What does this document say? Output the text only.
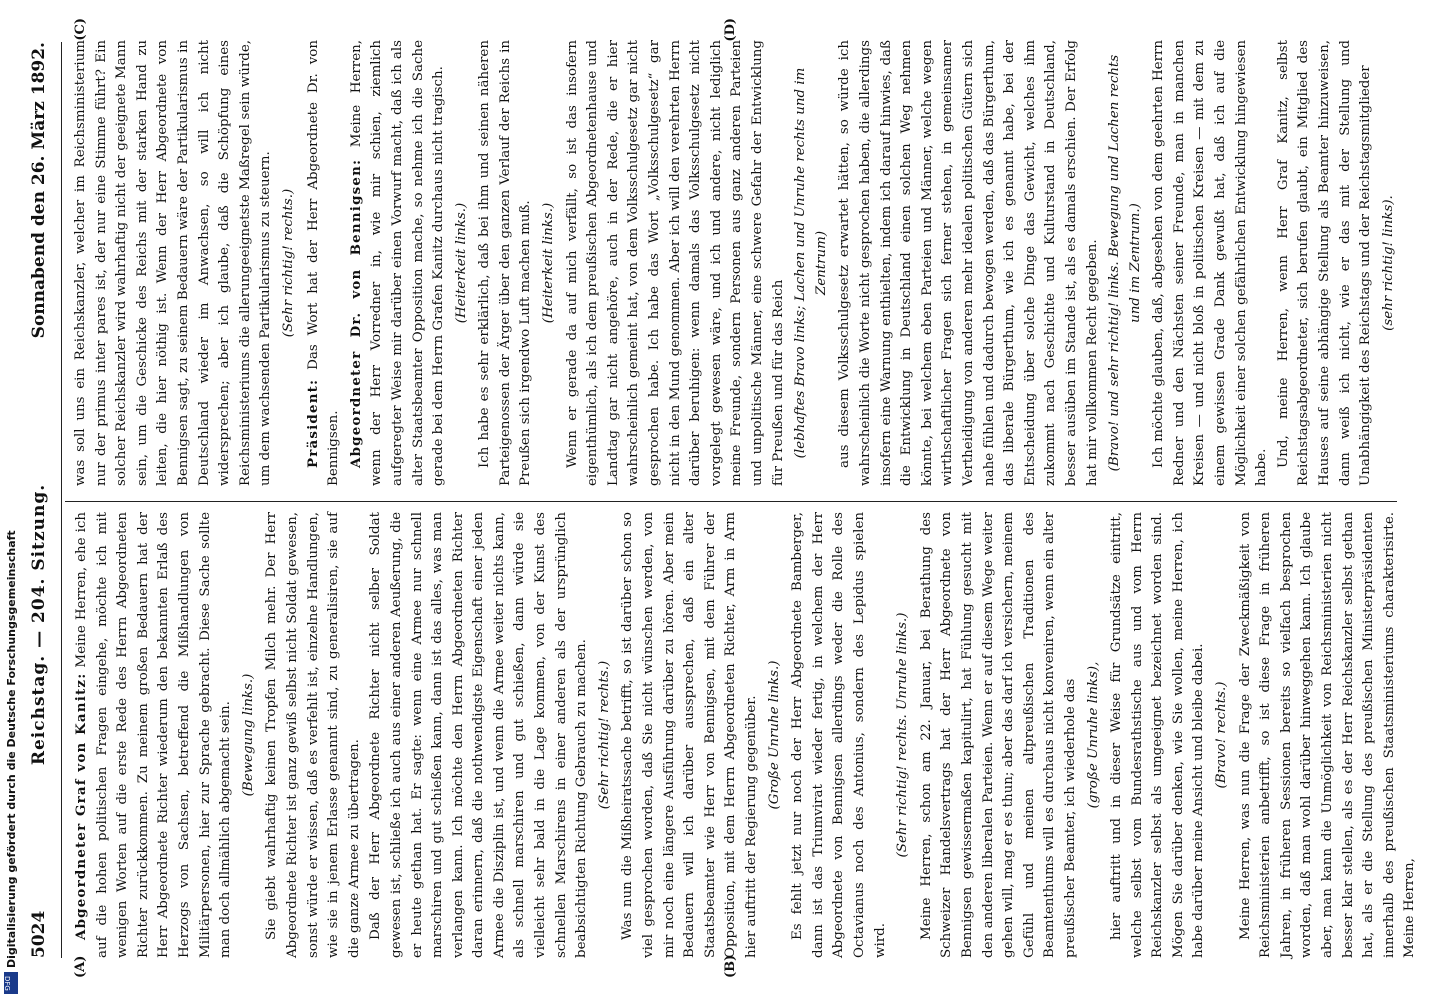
5024
Reichstag. — 204. Sitzung.
Sonnabend den 26. März 1892.
(A)	(B)
(C)	(D)

Abgeordneter Graf von Kanitz: Meine Herren, ehe ich auf die hohen politischen Fragen eingehe, möchte ich mit wenigen Worten auf die erste Rede des Herrn Abgeordneten Richter zurückkommen. Zu meinem großen Bedauern hat der Herr Abgeordnete Richter wiederum den bekannten Erlaß des Herzogs von Sachsen, betreffend die Mißhandlungen von Militärpersonen, hier zur Sprache gebracht. Diese Sache sollte man doch allmählich abgemacht sein. (Bewegung links.) Sie giebt wahrhaftig keinen Tropfen Milch mehr. Der Herr Abgeordnete Richter ist ganz gewiß selbst nicht Soldat gewesen, sonst würde er wissen, daß es verfehlt ist, einzelne Handlungen, wie sie in jenem Erlasse genannt sind, zu generalisiren, sie auf die ganze Armee zu übertragen. Daß der Herr Abgeordnete Richter nicht selber Soldat gewesen ist, schließe ich auch aus einer anderen Aeußerung, die er heute gethan hat. Er sagte: wenn eine Armee nur schnell marschiren und gut schießen kann, dann ist das alles, was man verlangen kann. Ich möchte den Herrn Abgeordneten Richter daran erinnern, daß die nothwendigste Eigenschaft einer jeden Armee die Disziplin ist, und wenn die Armee weiter nichts kann, als schnell marschiren und gut schießen, dann würde sie vielleicht sehr bald in die Lage kommen, von der Kunst des schnellen Marschirens in einer anderen als der ursprünglich beabsichtigten Richtung Gebrauch zu machen. (Sehr richtig! rechts.) Was nun die Mißheiratssache betrifft, so ist darüber schon so viel gesprochen worden, daß Sie nicht wünschen werden, von mir noch eine längere Ausführung darüber zu hören. Aber mein Bedauern will ich darüber aussprechen, daß ein alter Staatsbeamter wie Herr von Bennigsen, mit dem Führer der Opposition, mit dem Herrn Abgeordneten Richter, Arm in Arm hier auftritt der Regierung gegenüber. (Große Unruhe links.) Es fehlt jetzt nur noch der Herr Abgeordnete Bamberger, dann ist das Triumvirat wieder fertig, in welchem der Herr Abgeordnete von Bennigsen allerdings weder die Rolle des Octavianus noch des Antonius, sondern des Lepidus spielen wird.

(Sehr richtig! rechts. Unruhe links.) Meine Herren, schon am 22. Januar, bei Berathung des Schweizer Handelsvertrags hat der Herr Abgeordnete von Bennigsen gewissermaßen kapitulirt, hat Fühlung gesucht mit den anderen liberalen Parteien. Wenn er auf diesem Wege weiter gehen will, mag er es thun; aber das darf ich versichern, meinem Gefühl und meinen altpreußischen Traditionen des Beamtenthums will es durchaus nicht konveniren, wenn ein alter preußischer Beamter, ich wiederhole das (große Unruhe links), hier auftritt und in dieser Weise für Grundsätze eintritt, welche selbst vom Bundesrathstische aus und vom Herrn Reichskanzler selbst als umgeeignet bezeichnet worden sind. Mögen Sie darüber denken, wie Sie wollen, meine Herren, ich habe darüber meine Ansicht und bleibe dabei. (Bravo! rechts.) Meine Herren, was nun die Frage der Zweckmäßigkeit von Reichsministerien anbetrifft, so ist diese Frage in früheren Jahren, in früheren Sessionen bereits so vielfach besprochen worden, daß man wohl darüber hinweggehen kann. Ich glaube aber, man kann die Unmöglichkeit von Reichsministerien nicht besser klar stellen, als es der Herr Reichskanzler selbst gethan hat, als er die Stellung des preußischen Ministerpräsidenten innerhalb des preußischen Staatsministeriums charakterisirte. Meine Herren,

was soll uns ein Reichskanzler, welcher im Reichsministerium nur der primus inter pares ist, der nur eine Stimme führt? Ein solcher Reichskanzler wird wahrhaftig nicht der geeignete Mann sein, um die Geschicke des Reichs mit der starken Hand zu leiten, die hier nöthig ist. Wenn der Herr Abgeordnete von Bennigsen sagt, zu seinem Bedauern wäre der Partikularismus in Deutschland wieder im Anwachsen, so will ich nicht widersprechen; aber ich glaube, daß die Schöpfung eines Reichsministeriums die allerungeeignetste Maßregel sein würde, um dem wachsenden Partikularismus zu steuern. (Sehr richtig! rechts.)

Präsident: Das Wort hat der Herr Abgeordnete Dr. von Bennigsen. Abgeordneter Dr. von Bennigsen: Meine Herren, wenn der Herr Vorredner in, wie mir schien, ziemlich aufgeregter Weise mir darüber einen Vorwurf macht, daß ich als alter Staatsbeamter Opposition mache, so nehme ich die Sache gerade bei dem Herrn Grafen Kanitz durchaus nicht tragisch. (Heiterkeit links.) Ich habe es sehr erklärlich, daß bei ihm und seinen näheren Parteigenossen der Ärger über den ganzen Verlauf der Reichs in Preußen sich irgendwo Luft machen muß. (Heiterkeit links.) Wenn er gerade da auf mich verfällt, so ist das insofern eigenthümlich, als ich dem preußischen Abgeordnetenhause und Landtag gar nicht angehöre, auch in der Rede, die er hier wahrscheinlich gemeint hat, von dem Volksschulgesetz gar nicht gesprochen habe. Ich habe das Wort „Volksschulgesetz“ gar nicht in den Mund genommen. Aber ich will den verehrten Herrn darüber beruhigen: wenn damals das Volksschulgesetz nicht vorgelegt gewesen wäre, und ich und andere, nicht lediglich meine Freunde, sondern Personen aus ganz anderen Parteien und unpolitische Männer, eine schwere Gefahr der Entwicklung für Preußen und für das Reich (lebhaftes Bravo links; Lachen und Unruhe rechts und im Zentrum) aus diesem Volksschulgesetz erwartet hätten, so würde ich wahrscheinlich die Worte nicht gesprochen haben, die allerdings insofern eine Warnung enthielten, indem ich darauf hinwies, daß die Entwicklung in Deutschland einen solchen Weg nehmen könnte, bei welchem eben Parteien und Männer, welche wegen wirthschaftlicher Fragen sich ferner stehen, in gemeinsamer Vertheidigung von anderen mehr idealen politischen Gütern sich nahe fühlen und dadurch bewogen werden, daß das Bürgerthum, das liberale Bürgerthum, wie ich es genannt habe, bei der Entscheidung über solche Dinge das Gewicht, welches ihm zukommt nach Geschichte und Kulturstand in Deutschland, besser ausüben im Stande ist, als es damals erschien. Der Erfolg hat mir vollkommen Recht gegeben. (Bravo! und sehr richtig! links. Bewegung und Lachen rechts und im Zentrum.) Ich möchte glauben, daß, abgesehen von dem geehrten Herrn Redner und den Nächsten seiner Freunde, man in manchen Kreisen — und nicht bloß in politischen Kreisen — mit dem zu einem gewissen Grade Dank gewußt hat, daß ich auf die Möglichkeit einer solchen gefährlichen Entwicklung hingewiesen habe. Und, meine Herren, wenn Herr Graf Kanitz, selbst Reichstagsabgeordneter, sich berufen glaubt, ein Mitglied des Hauses auf seine abhängige Stellung als Beamter hinzuweisen, dann weiß ich nicht, wie er das mit der Stellung und Unabhängigkeit des Reichstags und der Reichstagsmitglieder (sehr richtig! links).

DFG
Digitalisierung gefördert durch die Deutsche Forschungsgemeinschaft
